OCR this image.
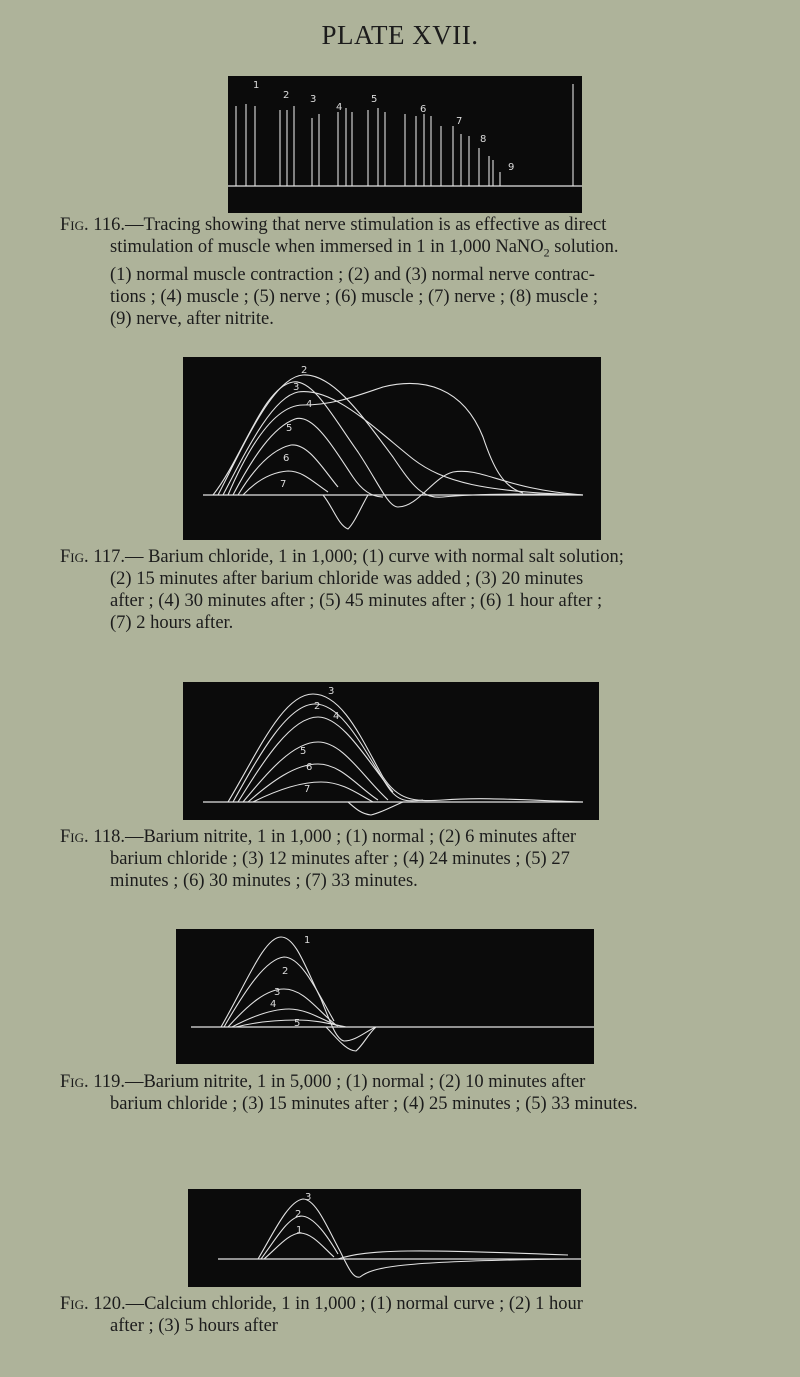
PLATE XVII.
1
2 3
4
5
6
7
8
9
Fig. 116.—Tracing showing that nerve stimulation is as effective as direct
stimulation of muscle when immersed in 1 in 1,000 NaNO$_2$ solution.
(1) normal muscle contraction ; (2) and (3) normal nerve contrac-
tions ; (4) muscle ; (5) nerve ; (6) muscle ; (7) nerve ; (8) muscle ;
(9) nerve, after nitrite.
2
3
4
5
6
7
Fig. 117.— Barium chloride, 1 in 1,000; (1) curve with normal salt solution;
(2) 15 minutes after barium chloride was added ; (3) 20 minutes
after ; (4) 30 minutes after ; (5) 45 minutes after ; (6) 1 hour after ;
(7) 2 hours after.
3
2
4
5
6
7
Fig. 118.—Barium nitrite, 1 in 1,000 ; (1) normal ; (2) 6 minutes after
barium chloride ; (3) 12 minutes after ; (4) 24 minutes ; (5) 27
minutes ; (6) 30 minutes ; (7) 33 minutes.
1
2
3
4
5
Fig. 119.—Barium nitrite, 1 in 5,000 ; (1) normal ; (2) 10 minutes after
barium chloride ; (3) 15 minutes after ; (4) 25 minutes ; (5) 33 minutes.
3
2
1
Fig. 120.—Calcium chloride, 1 in 1,000 ; (1) normal curve ; (2) 1 hour
after ; (3) 5 hours after
